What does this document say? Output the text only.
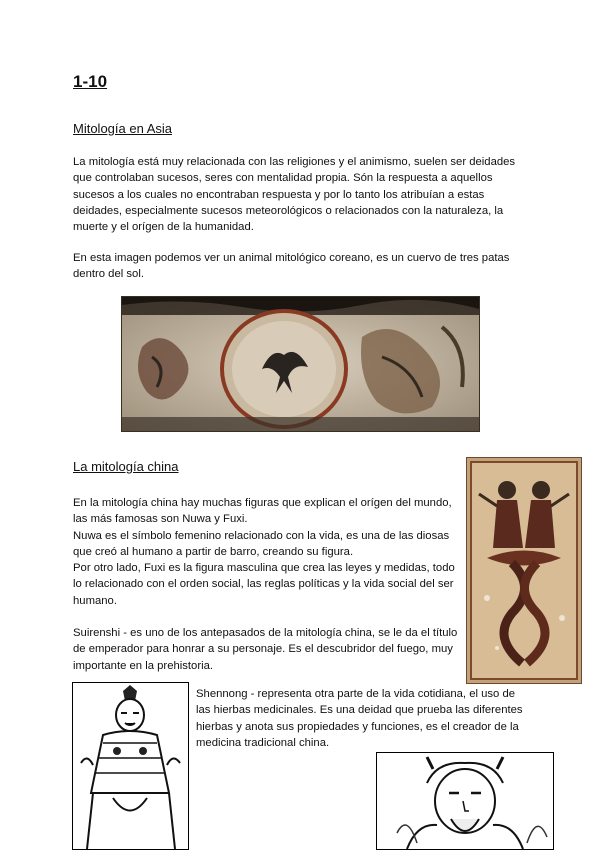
1-10
Mitología en Asia

La mitología está muy relacionada con las religiones y el animismo, suelen ser deidades que controlaban sucesos, seres con mentalidad propia. Són la respuesta a aquellos sucesos a los cuales no encontraban respuesta y por lo tanto los atribuían a estas deidades, especialmente sucesos meteorológicos o relacionados con la naturaleza, la muerte y el orígen de la humanidad.

En esta imagen podemos ver un animal mitológico coreano, es un cuervo de tres patas dentro del sol.

La mitología china

En la mitología china hay muchas figuras que explican el orígen del mundo, las más famosas son Nuwa y Fuxi.
Nuwa es el símbolo femenino relacionado con la vida, es una de las diosas que creó al humano a partir de barro, creando su figura.
Por otro lado, Fuxi es la figura masculina que crea las leyes y medidas, todo lo relacionado con el orden social, las reglas políticas y la vida social del ser humano.

Suirenshi - es uno de los antepasados de la mitología china, se le da el título de emperador para honrar a su personaje. Es el descubridor del fuego, muy importante en la prehistoria.

Shennong - representa otra parte de la vida cotidiana, el uso de las hierbas medicinales. Es una deidad que prueba las diferentes hierbas y anota sus propiedades y funciones, es el creador de la medicina tradicional china.
